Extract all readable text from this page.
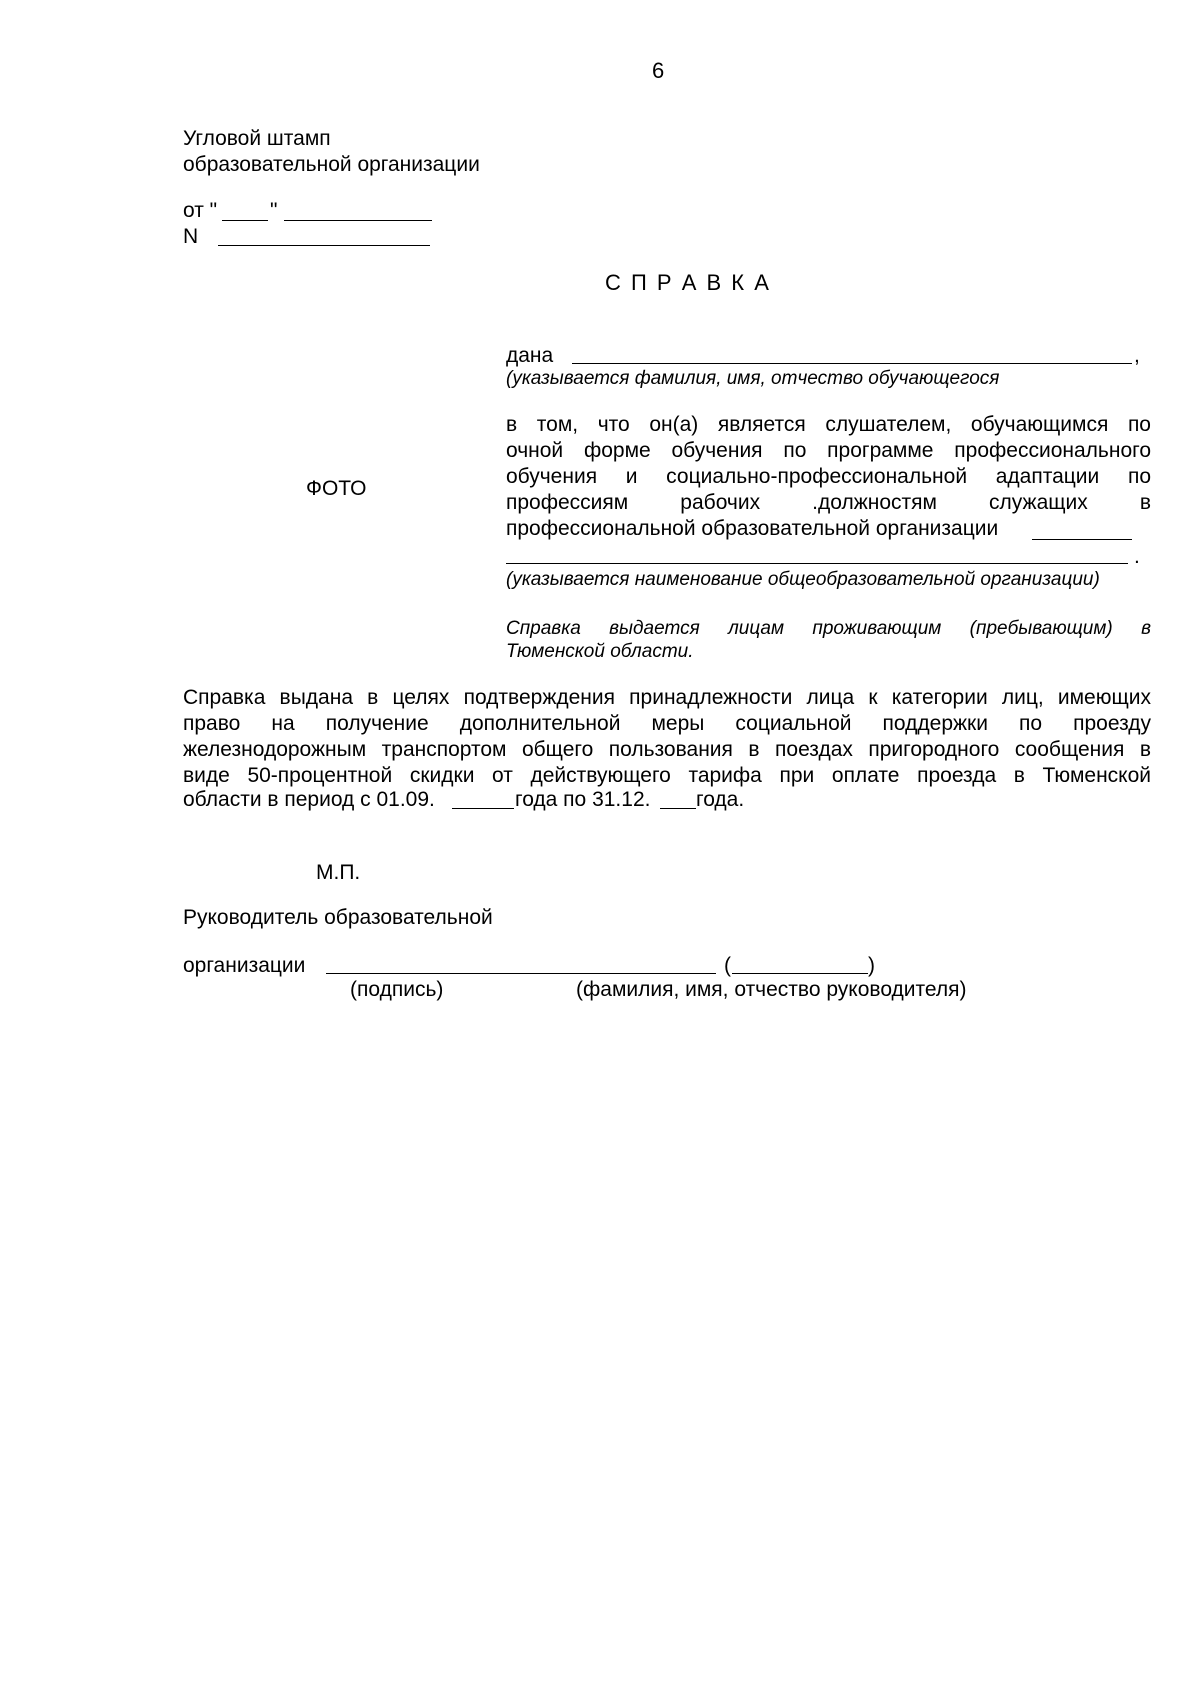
6
Угловой штамп
образовательной организации
от "	"
N
С П Р А В К А
ФОТО
дана	,
(указывается фамилия, имя, отчество обучающегося
в том, что он(а) является слушателем, обучающимся по
очной форме обучения по программе профессионального
обучения и социально-профессиональной адаптации по
профессиям рабочих .должностям служащих в
профессиональной образовательной организации
.
(указывается наименование общеобразовательной организации)
Справка выдается лицам проживающим (пребывающим) в
Тюменской области.
Справка выдана в целях подтверждения принадлежности лица к категории лиц, имеющих
право на получение дополнительной меры социальной поддержки по проезду
железнодорожным транспортом общего пользования в поездах пригородного сообщения в
виде 50-процентной скидки от действующего тарифа при оплате проезда в Тюменской
области в период с 01.09.	года по 31.12. года.
М.П.
Руководитель образовательной
организации	(	)
(подпись)	(фамилия, имя, отчество руководителя)
